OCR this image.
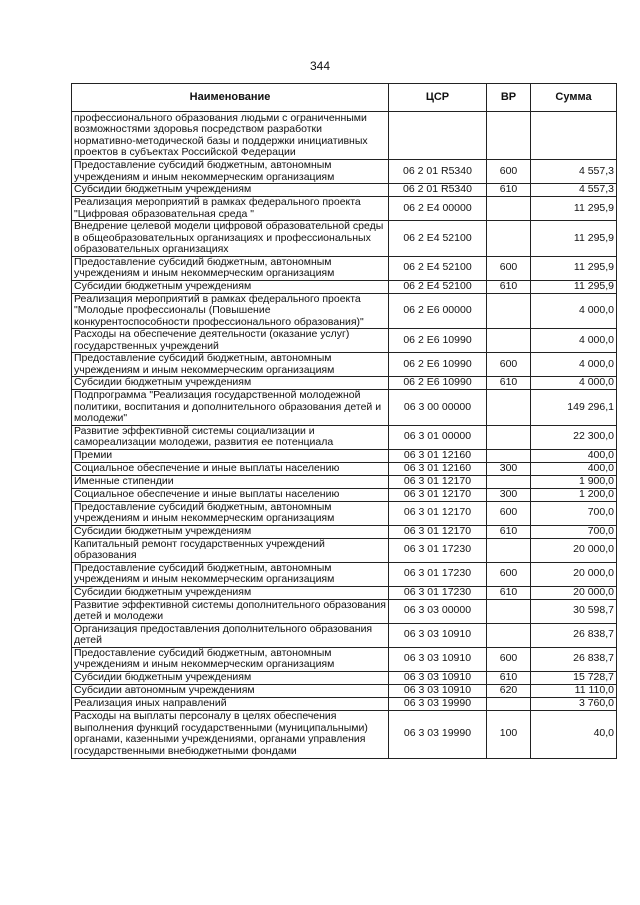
344
Наименование	ЦСР	ВР	Сумма
профессионального образования людьми с ограниченными возможностями здоровья посредством разработки нормативно-методической базы и поддержки инициативных проектов в субъектах Российской Федерации			
Предоставление субсидий бюджетным, автономным учреждениям и иным некоммерческим организациям	06 2 01 R5340	600	4 557,3
Субсидии бюджетным учреждениям	06 2 01 R5340	610	4 557,3
Реализация мероприятий в рамках федерального проекта "Цифровая образовательная среда "	06 2 E4 00000		11 295,9
Внедрение целевой модели цифровой образовательной среды в общеобразовательных организациях и профессиональных образовательных организациях	06 2 E4 52100		11 295,9
Предоставление субсидий бюджетным, автономным учреждениям и иным некоммерческим организациям	06 2 E4 52100	600	11 295,9
Субсидии бюджетным учреждениям	06 2 E4 52100	610	11 295,9
Реализация мероприятий в рамках федерального проекта "Молодые профессионалы (Повышение конкурентоспособности профессионального образования)"	06 2 E6 00000		4 000,0
Расходы на обеспечение деятельности (оказание услуг) государственных учреждений	06 2 E6 10990		4 000,0
Предоставление субсидий бюджетным, автономным учреждениям и иным некоммерческим организациям	06 2 E6 10990	600	4 000,0
Субсидии бюджетным учреждениям	06 2 E6 10990	610	4 000,0
Подпрограмма "Реализация государственной молодежной политики, воспитания и дополнительного образования детей и молодежи"	06 3 00 00000		149 296,1
Развитие эффективной системы социализации и самореализации молодежи, развития ее потенциала	06 3 01 00000		22 300,0
Премии	06 3 01 12160		400,0
Социальное обеспечение и иные выплаты населению	06 3 01 12160	300	400,0
Именные стипендии	06 3 01 12170		1 900,0
Социальное обеспечение и иные выплаты населению	06 3 01 12170	300	1 200,0
Предоставление субсидий бюджетным, автономным учреждениям и иным некоммерческим организациям	06 3 01 12170	600	700,0
Субсидии бюджетным учреждениям	06 3 01 12170	610	700,0
Капитальный ремонт государственных учреждений образования	06 3 01 17230		20 000,0
Предоставление субсидий бюджетным, автономным учреждениям и иным некоммерческим организациям	06 3 01 17230	600	20 000,0
Субсидии бюджетным учреждениям	06 3 01 17230	610	20 000,0
Развитие эффективной системы дополнительного образования детей и молодежи	06 3 03 00000		30 598,7
Организация предоставления дополнительного образования детей	06 3 03 10910		26 838,7
Предоставление субсидий бюджетным, автономным учреждениям и иным некоммерческим организациям	06 3 03 10910	600	26 838,7
Субсидии бюджетным учреждениям	06 3 03 10910	610	15 728,7
Субсидии автономным учреждениям	06 3 03 10910	620	11 110,0
Реализация иных направлений	06 3 03 19990		3 760,0
Расходы на выплаты персоналу в целях обеспечения выполнения функций государственными (муниципальными) органами, казенными учреждениями, органами управления государственными внебюджетными фондами	06 3 03 19990	100	40,0
